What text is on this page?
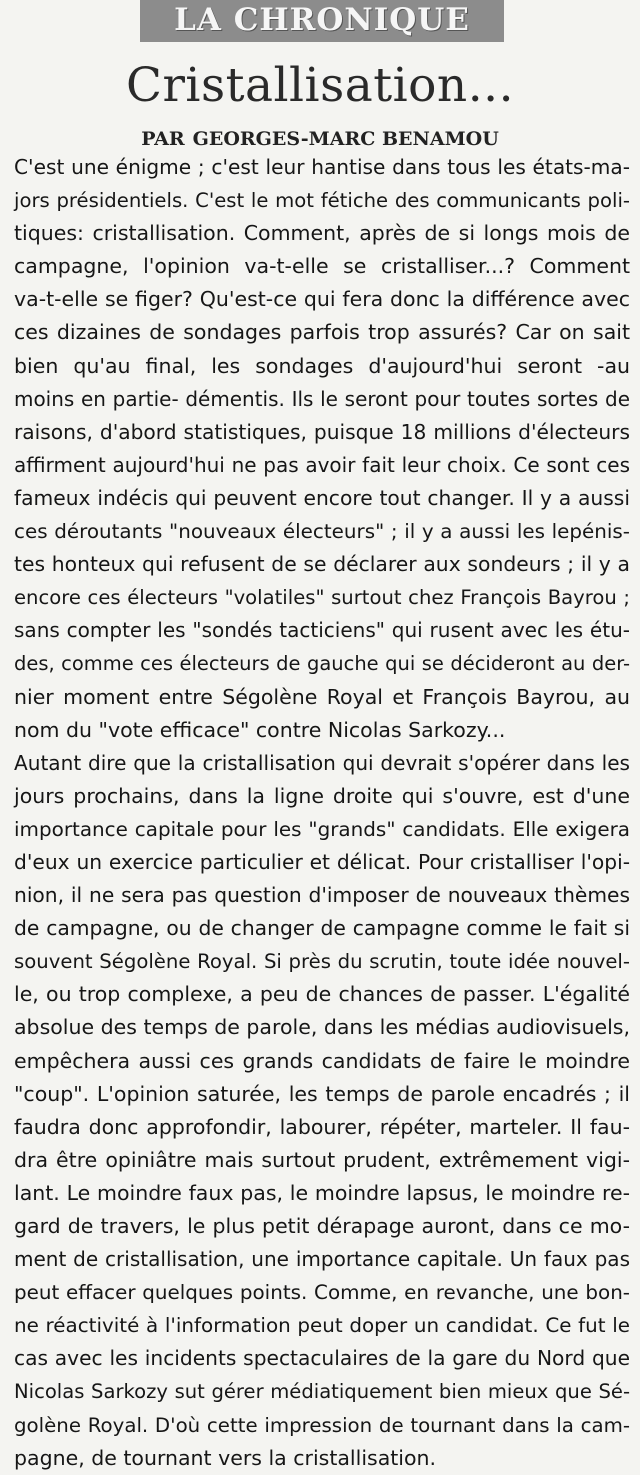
LA CHRONIQUE
Cristallisation...
PAR GEORGES-MARC BENAMOU
C'est une énigme ; c'est leur hantise dans tous les états-ma-
jors présidentiels. C'est le mot fétiche des communicants poli-
tiques: cristallisation. Comment, après de si longs mois de
campagne, l'opinion va-t-elle se cristalliser...? Comment
va-t-elle se figer? Qu'est-ce qui fera donc la différence avec
ces dizaines de sondages parfois trop assurés? Car on sait
bien qu'au final, les sondages d'aujourd'hui seront -au
moins en partie- démentis. Ils le seront pour toutes sortes de
raisons, d'abord statistiques, puisque 18 millions d'électeurs
affirment aujourd'hui ne pas avoir fait leur choix. Ce sont ces
fameux indécis qui peuvent encore tout changer. Il y a aussi
ces déroutants "nouveaux électeurs" ; il y a aussi les lepénis-
tes honteux qui refusent de se déclarer aux sondeurs ; il y a
encore ces électeurs "volatiles" surtout chez François Bayrou ;
sans compter les "sondés tacticiens" qui rusent avec les étu-
des, comme ces électeurs de gauche qui se décideront au der-
nier moment entre Ségolène Royal et François Bayrou, au
nom du "vote efficace" contre Nicolas Sarkozy...
Autant dire que la cristallisation qui devrait s'opérer dans les
jours prochains, dans la ligne droite qui s'ouvre, est d'une
importance capitale pour les "grands" candidats. Elle exigera
d'eux un exercice particulier et délicat. Pour cristalliser l'opi-
nion, il ne sera pas question d'imposer de nouveaux thèmes
de campagne, ou de changer de campagne comme le fait si
souvent Ségolène Royal. Si près du scrutin, toute idée nouvel-
le, ou trop complexe, a peu de chances de passer. L'égalité
absolue des temps de parole, dans les médias audiovisuels,
empêchera aussi ces grands candidats de faire le moindre
"coup". L'opinion saturée, les temps de parole encadrés ; il
faudra donc approfondir, labourer, répéter, marteler. Il fau-
dra être opiniâtre mais surtout prudent, extrêmement vigi-
lant. Le moindre faux pas, le moindre lapsus, le moindre re-
gard de travers, le plus petit dérapage auront, dans ce mo-
ment de cristallisation, une importance capitale. Un faux pas
peut effacer quelques points. Comme, en revanche, une bon-
ne réactivité à l'information peut doper un candidat. Ce fut le
cas avec les incidents spectaculaires de la gare du Nord que
Nicolas Sarkozy sut gérer médiatiquement bien mieux que Sé-
golène Royal. D'où cette impression de tournant dans la cam-
pagne, de tournant vers la cristallisation.
